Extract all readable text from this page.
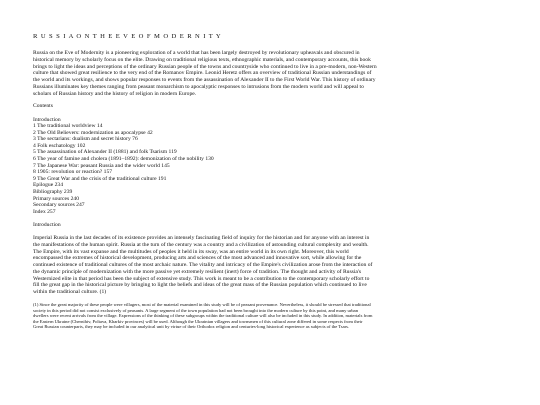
R U S S I A O N T H E E V E O F M O D E R N I T Y

Russia on the Eve of Modernity is a pioneering exploration of a world that has been largely destroyed by revolutionary upheavals and obscured in historical memory by scholarly focus on the elite. Drawing on traditional religious texts, ethnographic materials, and contemporary accounts, this book brings to light the ideas and perceptions of the ordinary Russian people of the towns and countryside who continued to live in a pre-modern, non-Western culture that showed great resilience to the very end of the Romanov Empire. Leonid Heretz offers an overview of traditional Russian understandings of the world and its workings, and shows popular responses to events from the assassination of Alexander II to the First World War. This history of ordinary Russians illuminates key themes ranging from peasant monarchism to apocalyptic responses to intrusions from the modern world and will appeal to scholars of Russian history and the history of religion in modern Europe.

Contents
Introduction
1 The traditional worldview 14
2 The Old Believers: modernization as apocalypse 42
3 The sectarians: dualism and secret history 76
4 Folk eschatology 102
5 The assassination of Alexander II (1881) and folk Tsarism 119
6 The year of famine and cholera (1891–1892): demonization of the nobility 130
7 The Japanese War: peasant Russia and the wider world 145
8 1905: revolution or reaction? 157
9 The Great War and the crisis of the traditional culture 191
Epilogue 234
Bibliography 239
Primary sources 240
Secondary sources 247
Index 257
Introduction

Imperial Russia in the last decades of its existence provides an intensely fascinating field of inquiry for the historian and for anyone with an interest in the manifestations of the human spirit. Russia at the turn of the century was a country and a civilization of astounding cultural complexity and wealth. The Empire, with its vast expanse and the multitudes of peoples it held in its sway, was an entire world in its own right. Moreover, this world encompassed the extremes of historical development, producing arts and sciences of the most advanced and innovative sort, while allowing for the continued existence of traditional cultures of the most archaic nature. The vitality and intricacy of the Empire's civilization arose from the interaction of the dynamic principle of modernization with the more passive yet extremely resilient (inert) force of tradition. The thought and activity of Russia's Westernized elite in that period has been the subject of extensive study. This work is meant to be a contribution to the contemporary scholarly effort to fill the great gap in the historical picture by bringing to light the beliefs and ideas of the great mass of the Russian population which continued to live within the traditional culture. (1)

(1) Since the great majority of these people were villagers, most of the material examined in this study will be of peasant provenance. Nevertheless, it should be stressed that traditional society in this period did not consist exclusively of peasants. A large segment of the town population had not been brought into the modern culture by this point, and many urban dwellers were recent arrivals from the village. Expressions of the thinking of these subgroups within the traditional culture will also be included in this study. In addition, materials from the Eastern Ukraine (Chernihiv, Poltava, Kharkiv provinces) will be used. Although the Ukrainian villagers and townsmen of this cultural zone differed in some respects from their Great Russian counterparts, they may be included in our analytical unit by virtue of their Orthodox religion and centuries-long historical experience as subjects of the Tsars.
